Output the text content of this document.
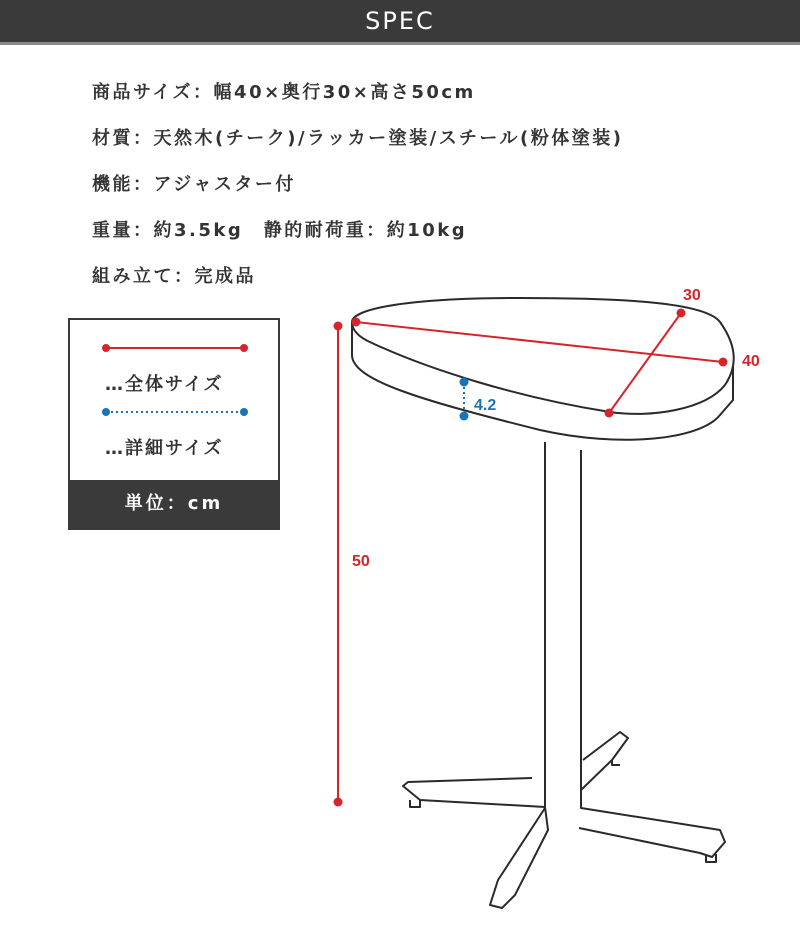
SPEC
商品サイズ：幅40×奥行30×高さ50cm
材質：天然木(チーク)/ラッカー塗装/スチール(粉体塗装)
機能：アジャスター付
重量：約3.5kg　静的耐荷重：約10kg
組み立て：完成品
…全体サイズ
…詳細サイズ
単位：cm
30
40
4.2
50
